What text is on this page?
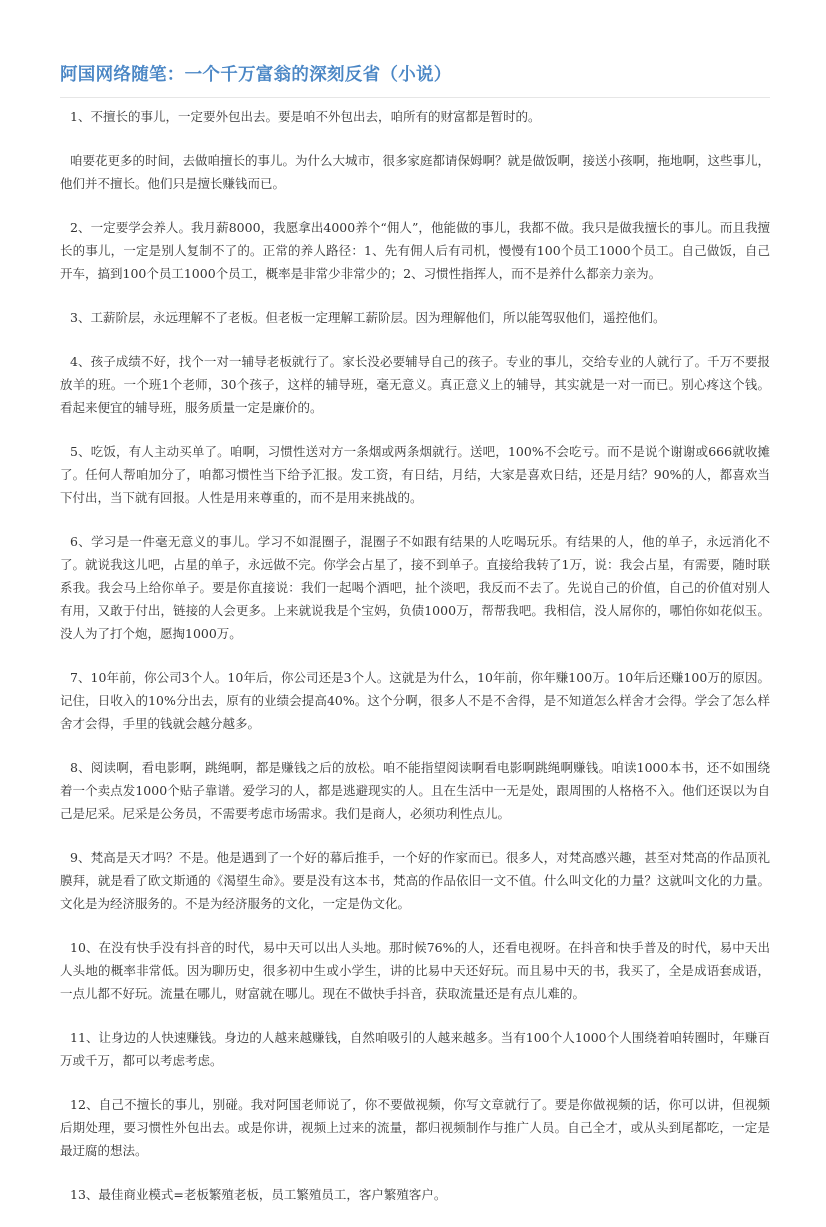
阿国网络随笔：一个千万富翁的深刻反省（小说）

1、不擅长的事儿，一定要外包出去。要是咱不外包出去，咱所有的财富都是暂时的。

咱要花更多的时间，去做咱擅长的事儿。为什么大城市，很多家庭都请保姆啊？就是做饭啊，接送小孩啊，拖地啊，这些事儿，他们并不擅长。他们只是擅长赚钱而已。

2、一定要学会养人。我月薪8000，我愿拿出4000养个“佣人”，他能做的事儿，我都不做。我只是做我擅长的事儿。而且我擅长的事儿，一定是别人复制不了的。正常的养人路径：1、先有佣人后有司机，慢慢有100个员工1000个员工。自己做饭，自己开车，搞到100个员工1000个员工，概率是非常少非常少的；2、习惯性指挥人，而不是养什么都亲力亲为。

3、工薪阶层，永远理解不了老板。但老板一定理解工薪阶层。因为理解他们，所以能驾驭他们，遥控他们。

4、孩子成绩不好，找个一对一辅导老板就行了。家长没必要辅导自己的孩子。专业的事儿，交给专业的人就行了。千万不要报放羊的班。一个班1个老师，30个孩子，这样的辅导班，毫无意义。真正意义上的辅导，其实就是一对一而已。别心疼这个钱。看起来便宜的辅导班，服务质量一定是廉价的。

5、吃饭，有人主动买单了。咱啊，习惯性送对方一条烟或两条烟就行。送吧，100%不会吃亏。而不是说个谢谢或666就收摊了。任何人帮咱加分了，咱都习惯性当下给予汇报。发工资，有日结，月结，大家是喜欢日结，还是月结？90%的人，都喜欢当下付出，当下就有回报。人性是用来尊重的，而不是用来挑战的。

6、学习是一件毫无意义的事儿。学习不如混圈子，混圈子不如跟有结果的人吃喝玩乐。有结果的人，他的单子，永远消化不了。就说我这儿吧，占星的单子，永远做不完。你学会占星了，接不到单子。直接给我转了1万，说：我会占星，有需要，随时联系我。我会马上给你单子。要是你直接说：我们一起喝个酒吧，扯个淡吧，我反而不去了。先说自己的价值，自己的价值对别人有用，又敢于付出，链接的人会更多。上来就说我是个宝妈，负债1000万，帮帮我吧。我相信，没人屌你的，哪怕你如花似玉。没人为了打个炮，愿掏1000万。

7、10年前，你公司3个人。10年后，你公司还是3个人。这就是为什么，10年前，你年赚100万。10年后还赚100万的原因。记住，日收入的10%分出去，原有的业绩会提高40%。这个分啊，很多人不是不舍得，是不知道怎么样舍才会得。学会了怎么样舍才会得，手里的钱就会越分越多。

8、阅读啊，看电影啊，跳绳啊，都是赚钱之后的放松。咱不能指望阅读啊看电影啊跳绳啊赚钱。咱读1000本书，还不如围绕着一个卖点发1000个贴子靠谱。爱学习的人，都是逃避现实的人。且在生活中一无是处，跟周围的人格格不入。他们还误以为自己是尼采。尼采是公务员，不需要考虑市场需求。我们是商人，必须功利性点儿。

9、梵高是天才吗？不是。他是遇到了一个好的幕后推手，一个好的作家而已。很多人，对梵高感兴趣，甚至对梵高的作品顶礼膜拜，就是看了欧文斯通的《渴望生命》。要是没有这本书，梵高的作品依旧一文不值。什么叫文化的力量？这就叫文化的力量。文化是为经济服务的。不是为经济服务的文化，一定是伪文化。

10、在没有快手没有抖音的时代，易中天可以出人头地。那时候76%的人，还看电视呀。在抖音和快手普及的时代，易中天出人头地的概率非常低。因为聊历史，很多初中生或小学生，讲的比易中天还好玩。而且易中天的书，我买了，全是成语套成语，一点儿都不好玩。流量在哪儿，财富就在哪儿。现在不做快手抖音，获取流量还是有点儿难的。

11、让身边的人快速赚钱。身边的人越来越赚钱，自然咱吸引的人越来越多。当有100个人1000个人围绕着咱转圈时，年赚百万或千万，都可以考虑考虑。

12、自己不擅长的事儿，别碰。我对阿国老师说了，你不要做视频，你写文章就行了。要是你做视频的话，你可以讲，但视频后期处理，要习惯性外包出去。或是你讲，视频上过来的流量，都归视频制作与推广人员。自己全才，或从头到尾都吃，一定是最迂腐的想法。

13、最佳商业模式=老板繁殖老板，员工繁殖员工，客户繁殖客户。
